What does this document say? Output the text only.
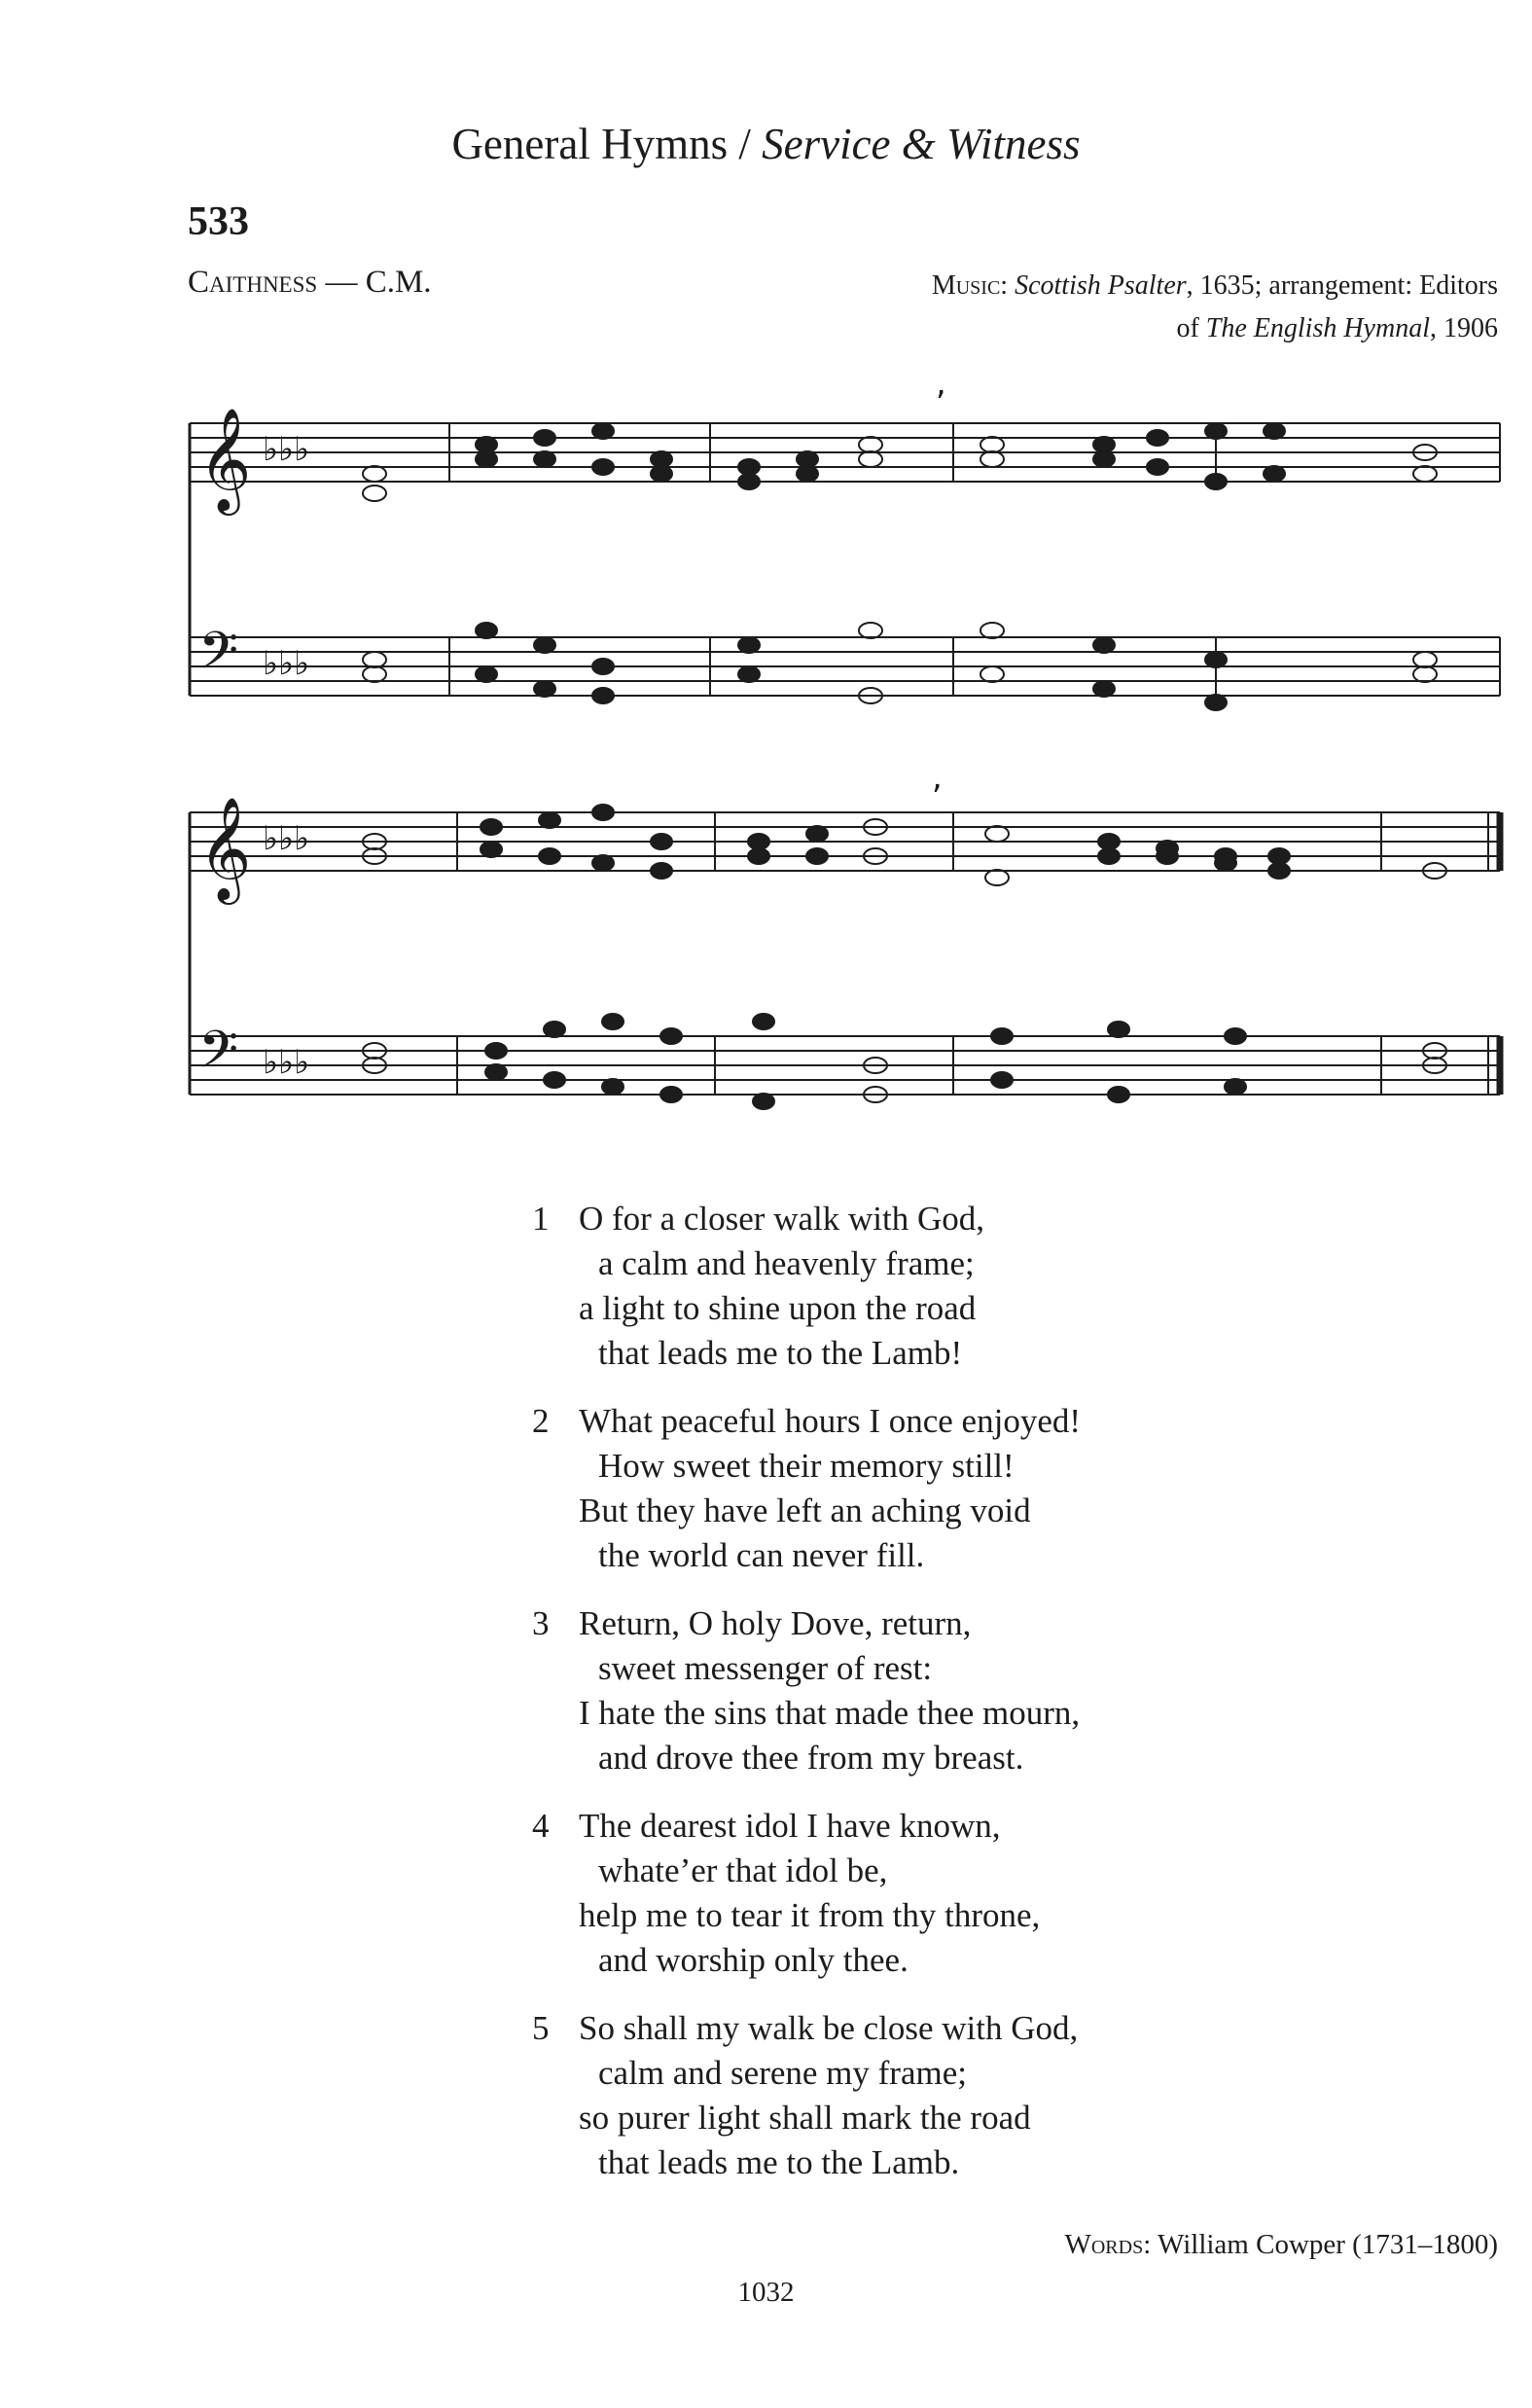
General Hymns / Service & Witness
533
Caithness — C.M.	Music: Scottish Psalter, 1635; arrangement: Editors
of The English Hymnal, 1906
𝄞
𝄢
♭♭♭
♭♭♭
,
𝄞
𝄢
♭♭♭
♭♭♭
,
1 O for a closer walk with God,
a calm and heavenly frame;
a light to shine upon the road
that leads me to the Lamb!
2 What peaceful hours I once enjoyed!
How sweet their memory still!
But they have left an aching void
the world can never fill.
3 Return, O holy Dove, return,
sweet messenger of rest:
I hate the sins that made thee mourn,
and drove thee from my breast.
4 The dearest idol I have known,
whate’er that idol be,
help me to tear it from thy throne,
and worship only thee.
5 So shall my walk be close with God,
calm and serene my frame;
so purer light shall mark the road
that leads me to the Lamb.
Words: William Cowper (1731–1800)
1032
